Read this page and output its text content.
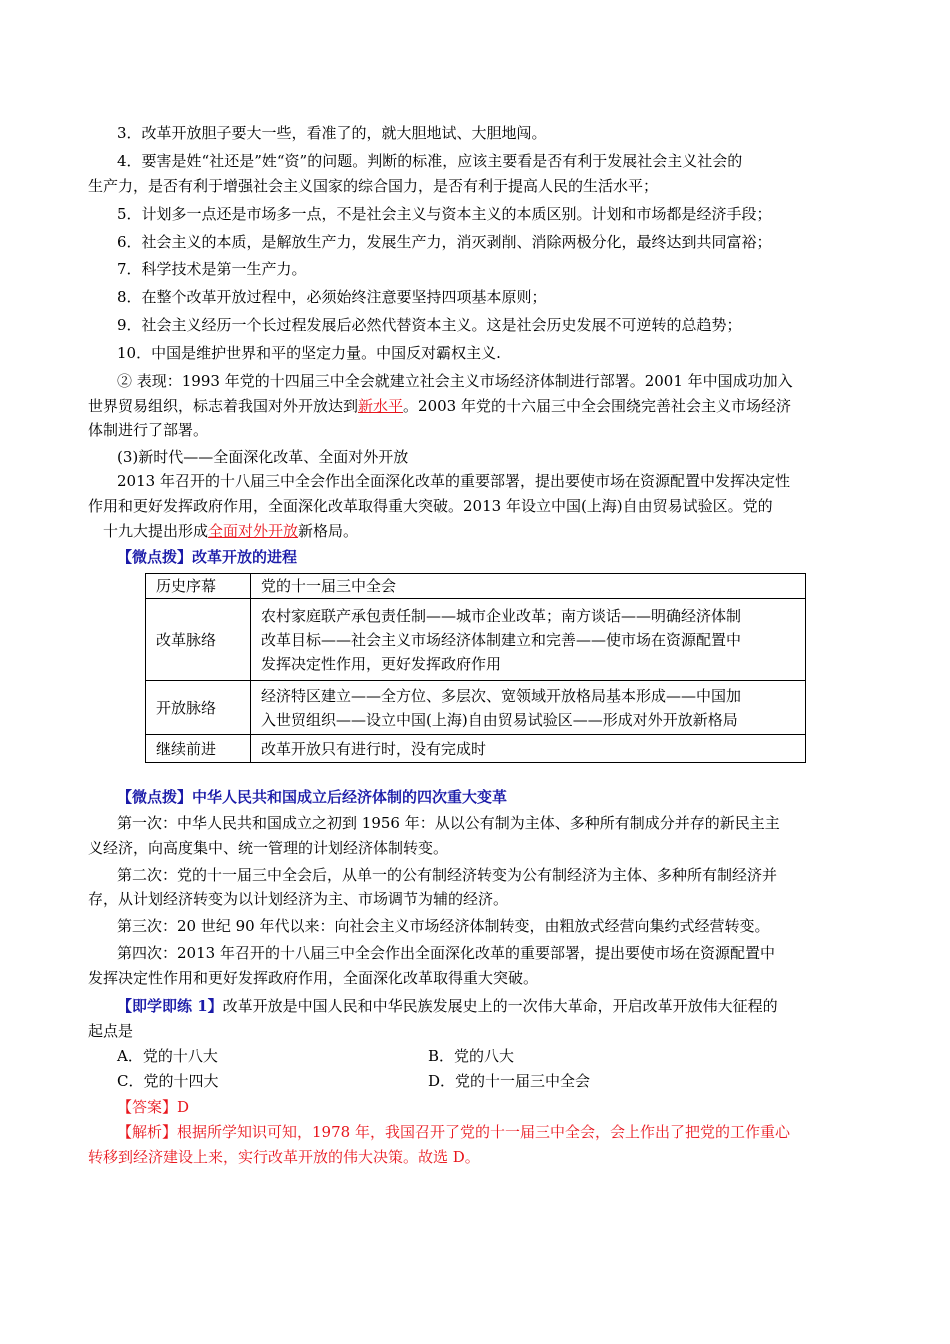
3．改革开放胆子要大一些，看准了的，就大胆地试、大胆地闯。
4．要害是姓“社还是”姓“资”的问题。判断的标准，应该主要看是否有利于发展社会主义社会的
生产力，是否有利于增强社会主义国家的综合国力，是否有利于提高人民的生活水平；
5．计划多一点还是市场多一点，不是社会主义与资本主义的本质区别。计划和市场都是经济手段；
6．社会主义的本质，是解放生产力，发展生产力，消灭剥削、消除两极分化，最终达到共同富裕；
7．科学技术是第一生产力。
8．在整个改革开放过程中，必须始终注意要坚持四项基本原则；
9．社会主义经历一个长过程发展后必然代替资本主义。这是社会历史发展不可逆转的总趋势；
10．中国是维护世界和平的坚定力量。中国反对霸权主义.
② 表现：1993 年党的十四届三中全会就建立社会主义市场经济体制进行部署。2001 年中国成功加入
世界贸易组织，标志着我国对外开放达到新水平。2003 年党的十六届三中全会围绕完善社会主义市场经济
体制进行了部署。
(3)新时代——全面深化改革、全面对外开放
2013 年召开的十八届三中全会作出全面深化改革的重要部署，提出要使市场在资源配置中发挥决定性
作用和更好发挥政府作用，全面深化改革取得重大突破。2013 年设立中国(上海)自由贸易试验区。党的
十九大提出形成全面对外开放新格局。
【微点拨】改革开放的进程
历史序幕	党的十一届三中全会

改革脉络	农村家庭联产承包责任制——城市企业改革；南方谈话——明确经济体制
改革目标——社会主义市场经济体制建立和完善——使市场在资源配置中
发挥决定性作用，更好发挥政府作用

开放脉络	经济特区建立——全方位、多层次、宽领域开放格局基本形成——中国加
入世贸组织——设立中国(上海)自由贸易试验区——形成对外开放新格局

继续前进	改革开放只有进行时，没有完成时
【微点拨】中华人民共和国成立后经济体制的四次重大变革
第一次：中华人民共和国成立之初到 1956 年：从以公有制为主体、多种所有制成分并存的新民主主
义经济，向高度集中、统一管理的计划经济体制转变。
第二次：党的十一届三中全会后，从单一的公有制经济转变为公有制经济为主体、多种所有制经济并
存，从计划经济转变为以计划经济为主、市场调节为辅的经济。
第三次：20 世纪 90 年代以来：向社会主义市场经济体制转变，由粗放式经营向集约式经营转变。
第四次：2013 年召开的十八届三中全会作出全面深化改革的重要部署，提出要使市场在资源配置中
发挥决定性作用和更好发挥政府作用，全面深化改革取得重大突破。
【即学即练 1】改革开放是中国人民和中华民族发展史上的一次伟大革命，开启改革开放伟大征程的
起点是
A．党的十八大	B．党的八大
C．党的十四大	D．党的十一届三中全会
【答案】D
【解析】根据所学知识可知，1978 年，我国召开了党的十一届三中全会，会上作出了把党的工作重心
转移到经济建设上来，实行改革开放的伟大决策。故选 D。
